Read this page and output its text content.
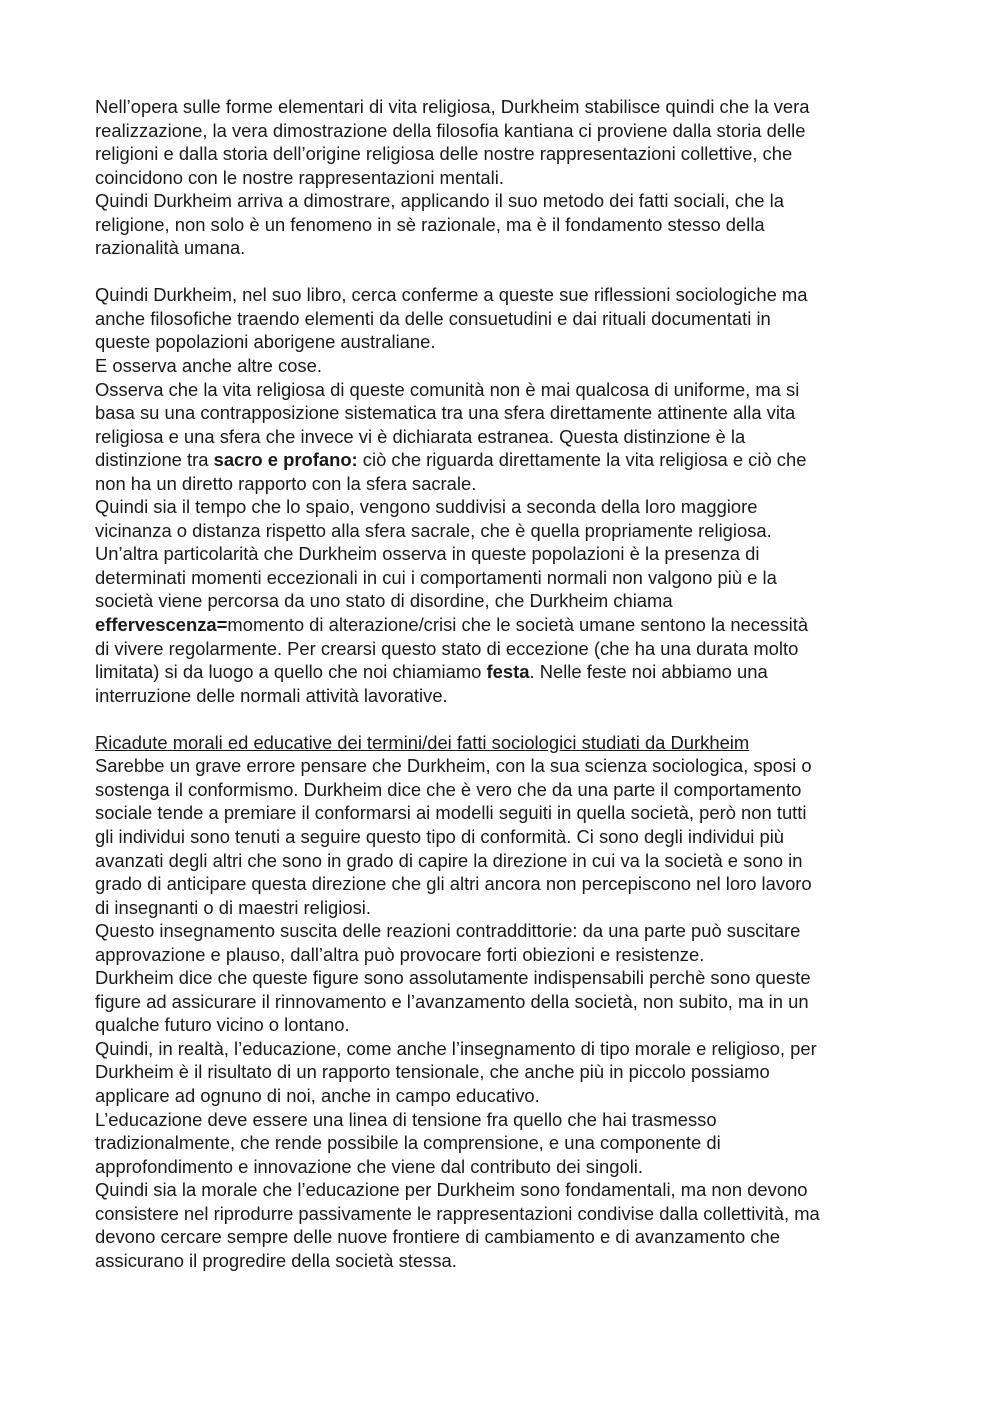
Nell’opera sulle forme elementari di vita religiosa, Durkheim stabilisce quindi che la vera
realizzazione, la vera dimostrazione della filosofia kantiana ci proviene dalla storia delle
religioni e dalla storia dell’origine religiosa delle nostre rappresentazioni collettive, che
coincidono con le nostre rappresentazioni mentali.

Quindi Durkheim arriva a dimostrare, applicando il suo metodo dei fatti sociali, che la
religione, non solo è un fenomeno in sè razionale, ma è il fondamento stesso della
razionalità umana.

Quindi Durkheim, nel suo libro, cerca conferme a queste sue riflessioni sociologiche ma
anche filosofiche traendo elementi da delle consuetudini e dai rituali documentati in
queste popolazioni aborigene australiane.

E osserva anche altre cose.

Osserva che la vita religiosa di queste comunità non è mai qualcosa di uniforme, ma si
basa su una contrapposizione sistematica tra una sfera direttamente attinente alla vita
religiosa e una sfera che invece vi è dichiarata estranea. Questa distinzione è la
distinzione tra sacro e profano: ciò che riguarda direttamente la vita religiosa e ciò che
non ha un diretto rapporto con la sfera sacrale.

Quindi sia il tempo che lo spaio, vengono suddivisi a seconda della loro maggiore
vicinanza o distanza rispetto alla sfera sacrale, che è quella propriamente religiosa.

Un’altra particolarità che Durkheim osserva in queste popolazioni è la presenza di
determinati momenti eccezionali in cui i comportamenti normali non valgono più e la
società viene percorsa da uno stato di disordine, che Durkheim chiama
effervescenza=momento di alterazione/crisi che le società umane sentono la necessità
di vivere regolarmente. Per crearsi questo stato di eccezione (che ha una durata molto
limitata) si da luogo a quello che noi chiamiamo festa. Nelle feste noi abbiamo una
interruzione delle normali attività lavorative.

Ricadute morali ed educative dei termini/dei fatti sociologici studiati da Durkheim

Sarebbe un grave errore pensare che Durkheim, con la sua scienza sociologica, sposi o
sostenga il conformismo. Durkheim dice che è vero che da una parte il comportamento
sociale tende a premiare il conformarsi ai modelli seguiti in quella società, però non tutti
gli individui sono tenuti a seguire questo tipo di conformità. Ci sono degli individui più
avanzati degli altri che sono in grado di capire la direzione in cui va la società e sono in
grado di anticipare questa direzione che gli altri ancora non percepiscono nel loro lavoro
di insegnanti o di maestri religiosi.

Questo insegnamento suscita delle reazioni contraddittorie: da una parte può suscitare
approvazione e plauso, dall’altra può provocare forti obiezioni e resistenze.

Durkheim dice che queste figure sono assolutamente indispensabili perchè sono queste
figure ad assicurare il rinnovamento e l’avanzamento della società, non subito, ma in un
qualche futuro vicino o lontano.

Quindi, in realtà, l’educazione, come anche l’insegnamento di tipo morale e religioso, per
Durkheim è il risultato di un rapporto tensionale, che anche più in piccolo possiamo
applicare ad ognuno di noi, anche in campo educativo.

L’educazione deve essere una linea di tensione fra quello che hai trasmesso
tradizionalmente, che rende possibile la comprensione, e una componente di
approfondimento e innovazione che viene dal contributo dei singoli.

Quindi sia la morale che l’educazione per Durkheim sono fondamentali, ma non devono
consistere nel riprodurre passivamente le rappresentazioni condivise dalla collettività, ma
devono cercare sempre delle nuove frontiere di cambiamento e di avanzamento che
assicurano il progredire della società stessa.
